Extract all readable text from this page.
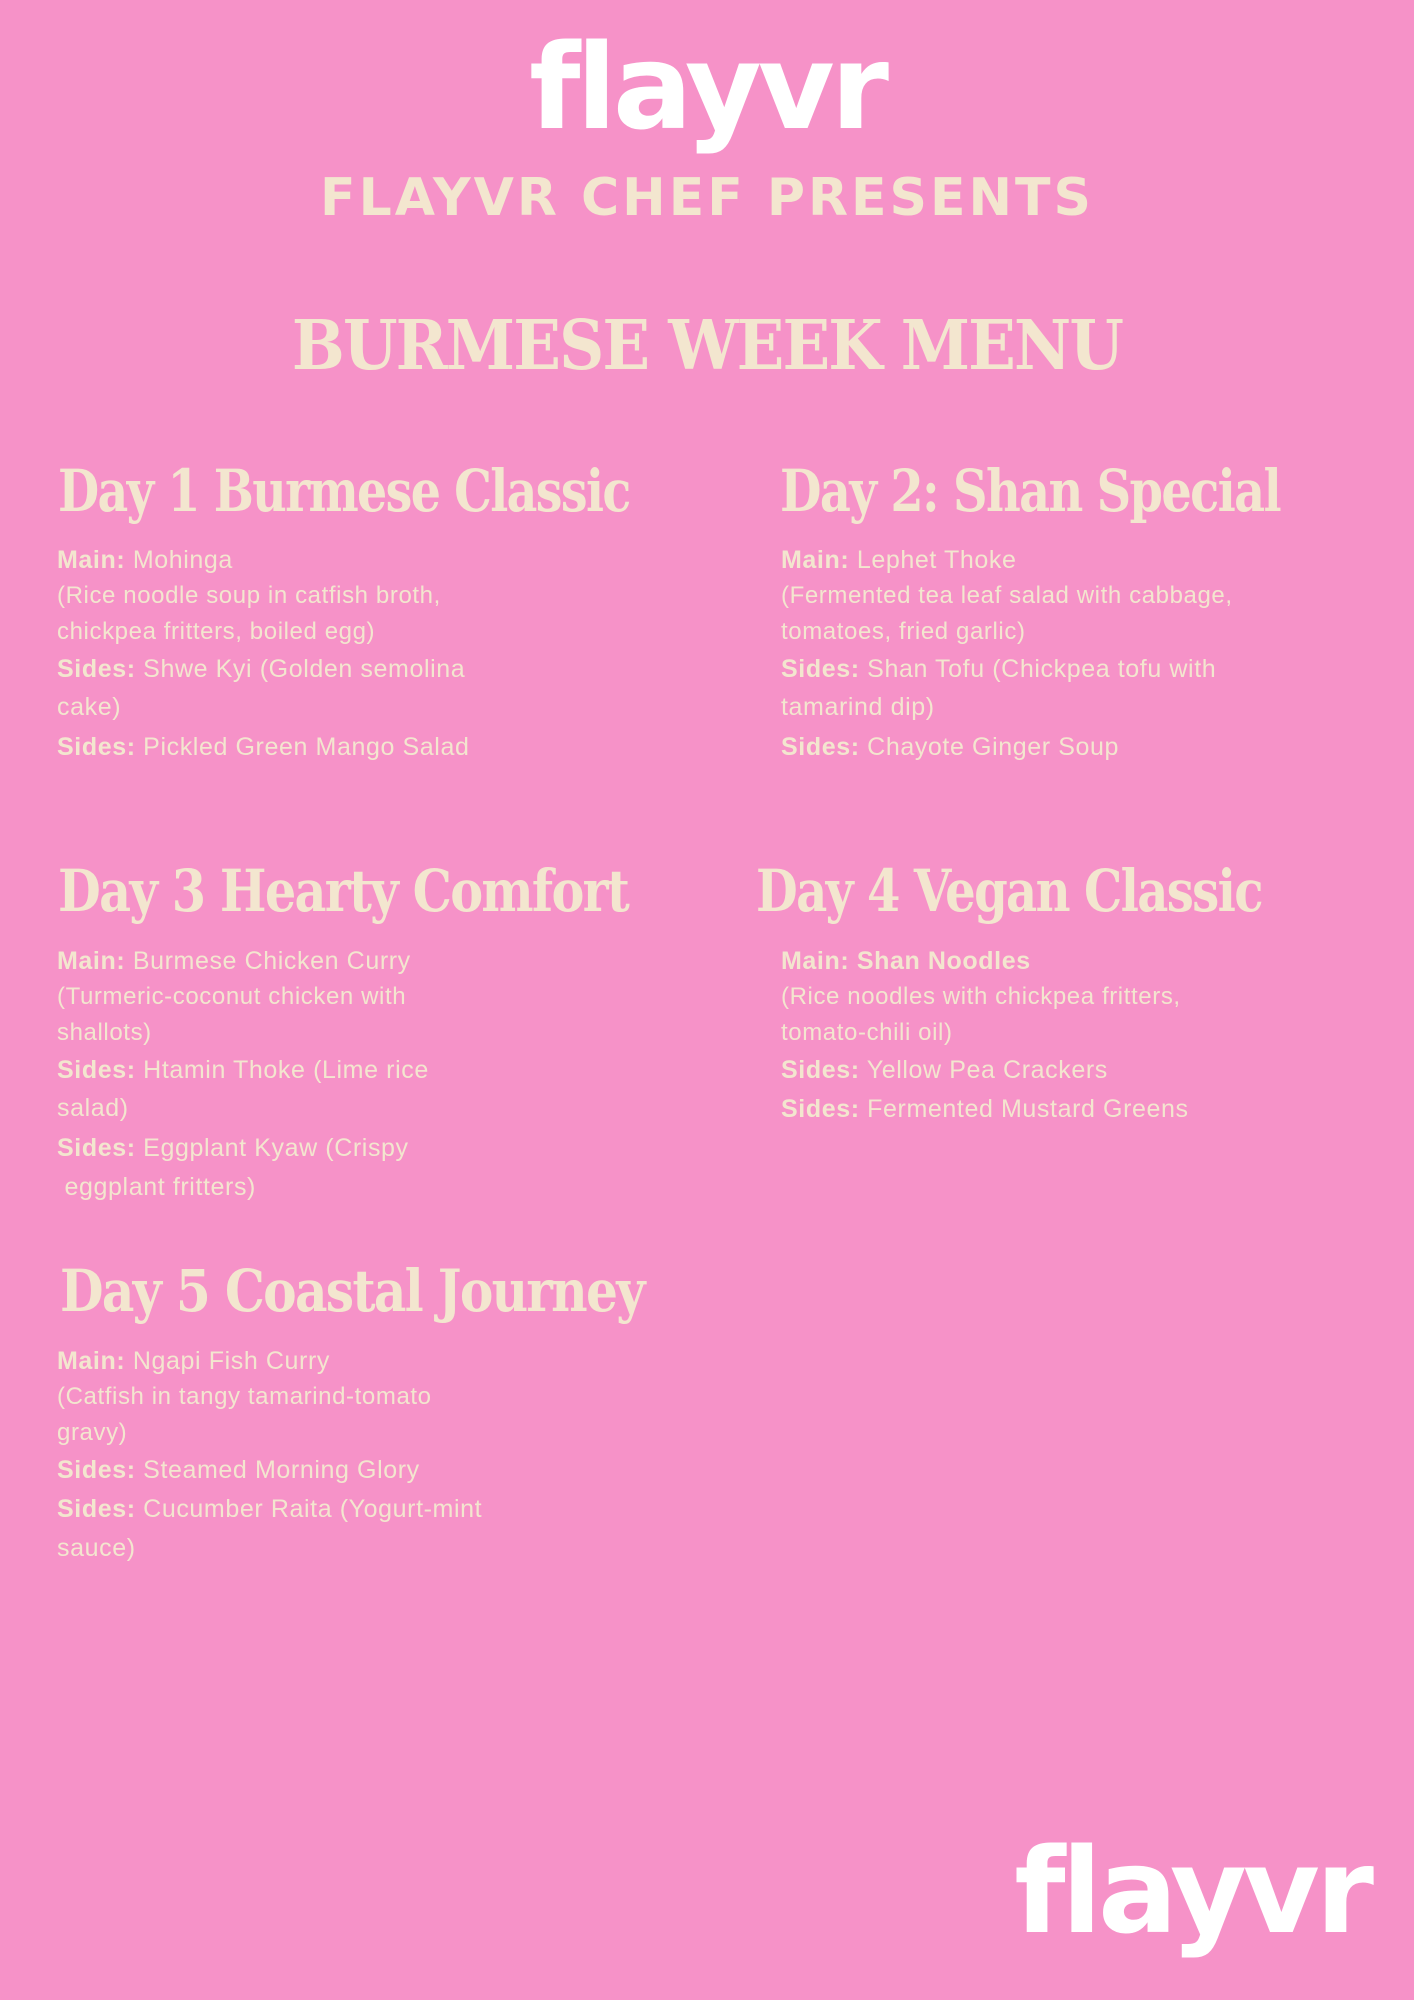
flayvr
FLAYVR CHEF PRESENTS
BURMESE WEEK MENU
Day 1 Burmese Classic
Main: Mohinga
(Rice noodle soup in catfish broth,
chickpea fritters, boiled egg)
Sides: Shwe Kyi (Golden semolina
cake)
Sides: Pickled Green Mango Salad
Day 2: Shan Special
Main: Lephet Thoke
(Fermented tea leaf salad with cabbage,
tomatoes, fried garlic)
Sides: Shan Tofu (Chickpea tofu with
tamarind dip)
Sides: Chayote Ginger Soup
Day 3 Hearty Comfort
Main: Burmese Chicken Curry
(Turmeric-coconut chicken with
shallots)
Sides: Htamin Thoke (Lime rice
salad)
Sides: Eggplant Kyaw (Crispy
eggplant fritters)
Day 4 Vegan Classic
Main: Shan Noodles
(Rice noodles with chickpea fritters,
tomato-chili oil)
Sides: Yellow Pea Crackers
Sides: Fermented Mustard Greens
Day 5 Coastal Journey
Main: Ngapi Fish Curry
(Catfish in tangy tamarind-tomato
gravy)
Sides: Steamed Morning Glory
Sides: Cucumber Raita (Yogurt-mint
sauce)
flayvr
